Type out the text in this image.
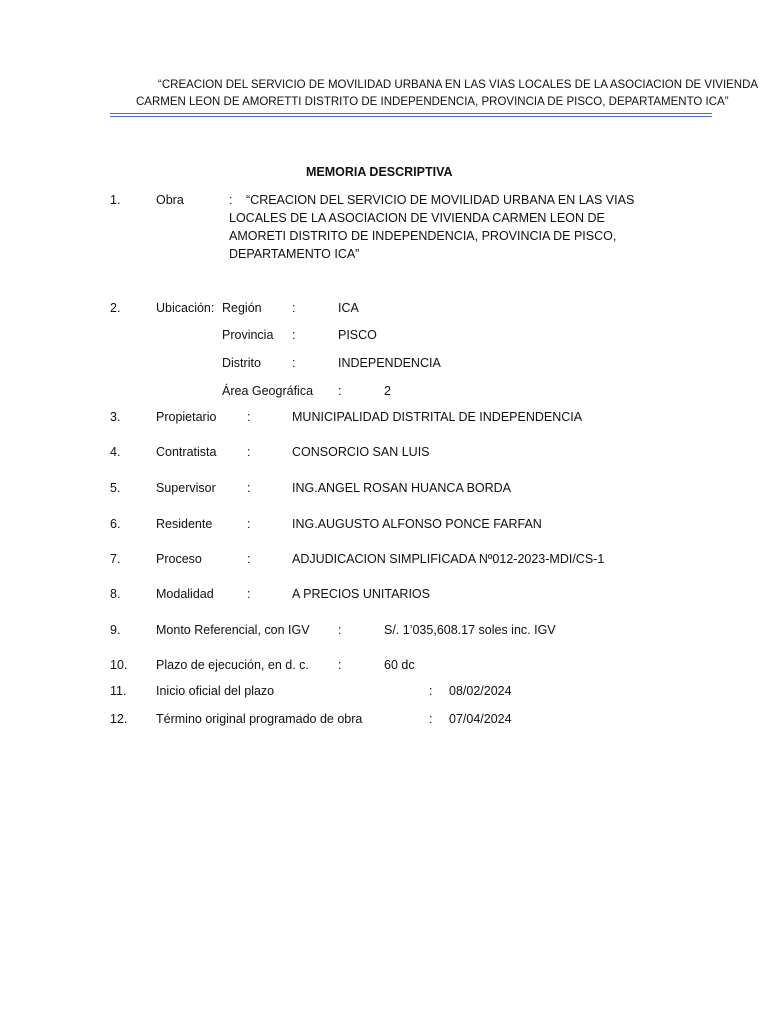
“CREACION DEL SERVICIO DE MOVILIDAD URBANA EN LAS VIAS LOCALES DE LA ASOCIACION DE VIVIENDA
CARMEN LEON DE AMORETTI DISTRITO DE INDEPENDENCIA, PROVINCIA DE PISCO, DEPARTAMENTO ICA”
MEMORIA DESCRIPTIVA
1.	Obra	:	“CREACION DEL SERVICIO DE MOVILIDAD URBANA EN LAS VIAS LOCALES DE LA ASOCIACION DE VIVIENDA CARMEN LEON DE AMORETI DISTRITO DE INDEPENDENCIA, PROVINCIA DE PISCO, DEPARTAMENTO ICA”
2.	Ubicación: Región :	ICA
Provincia :	PISCO
Distrito :	INDEPENDENCIA
Área Geográfica :	2
3.	Propietario :	MUNICIPALIDAD DISTRITAL DE INDEPENDENCIA
4.	Contratista :	CONSORCIO SAN LUIS
5.	Supervisor	:	ING.ANGEL ROSAN HUANCA BORDA
6.	Residente	:	ING.AUGUSTO ALFONSO PONCE FARFAN
7.	Proceso	:	ADJUDICACION SIMPLIFICADA Nº012-2023-MDI/CS-1
8.	Modalidad	:	A PRECIOS UNITARIOS
9.	Monto Referencial, con IGV :	S/. 1’035,608.17 soles inc. IGV
10. Plazo de ejecución, en d. c. :	60 dc
11. Inicio oficial del plazo	: 08/02/2024
12. Término original programado de obra	: 07/04/2024
